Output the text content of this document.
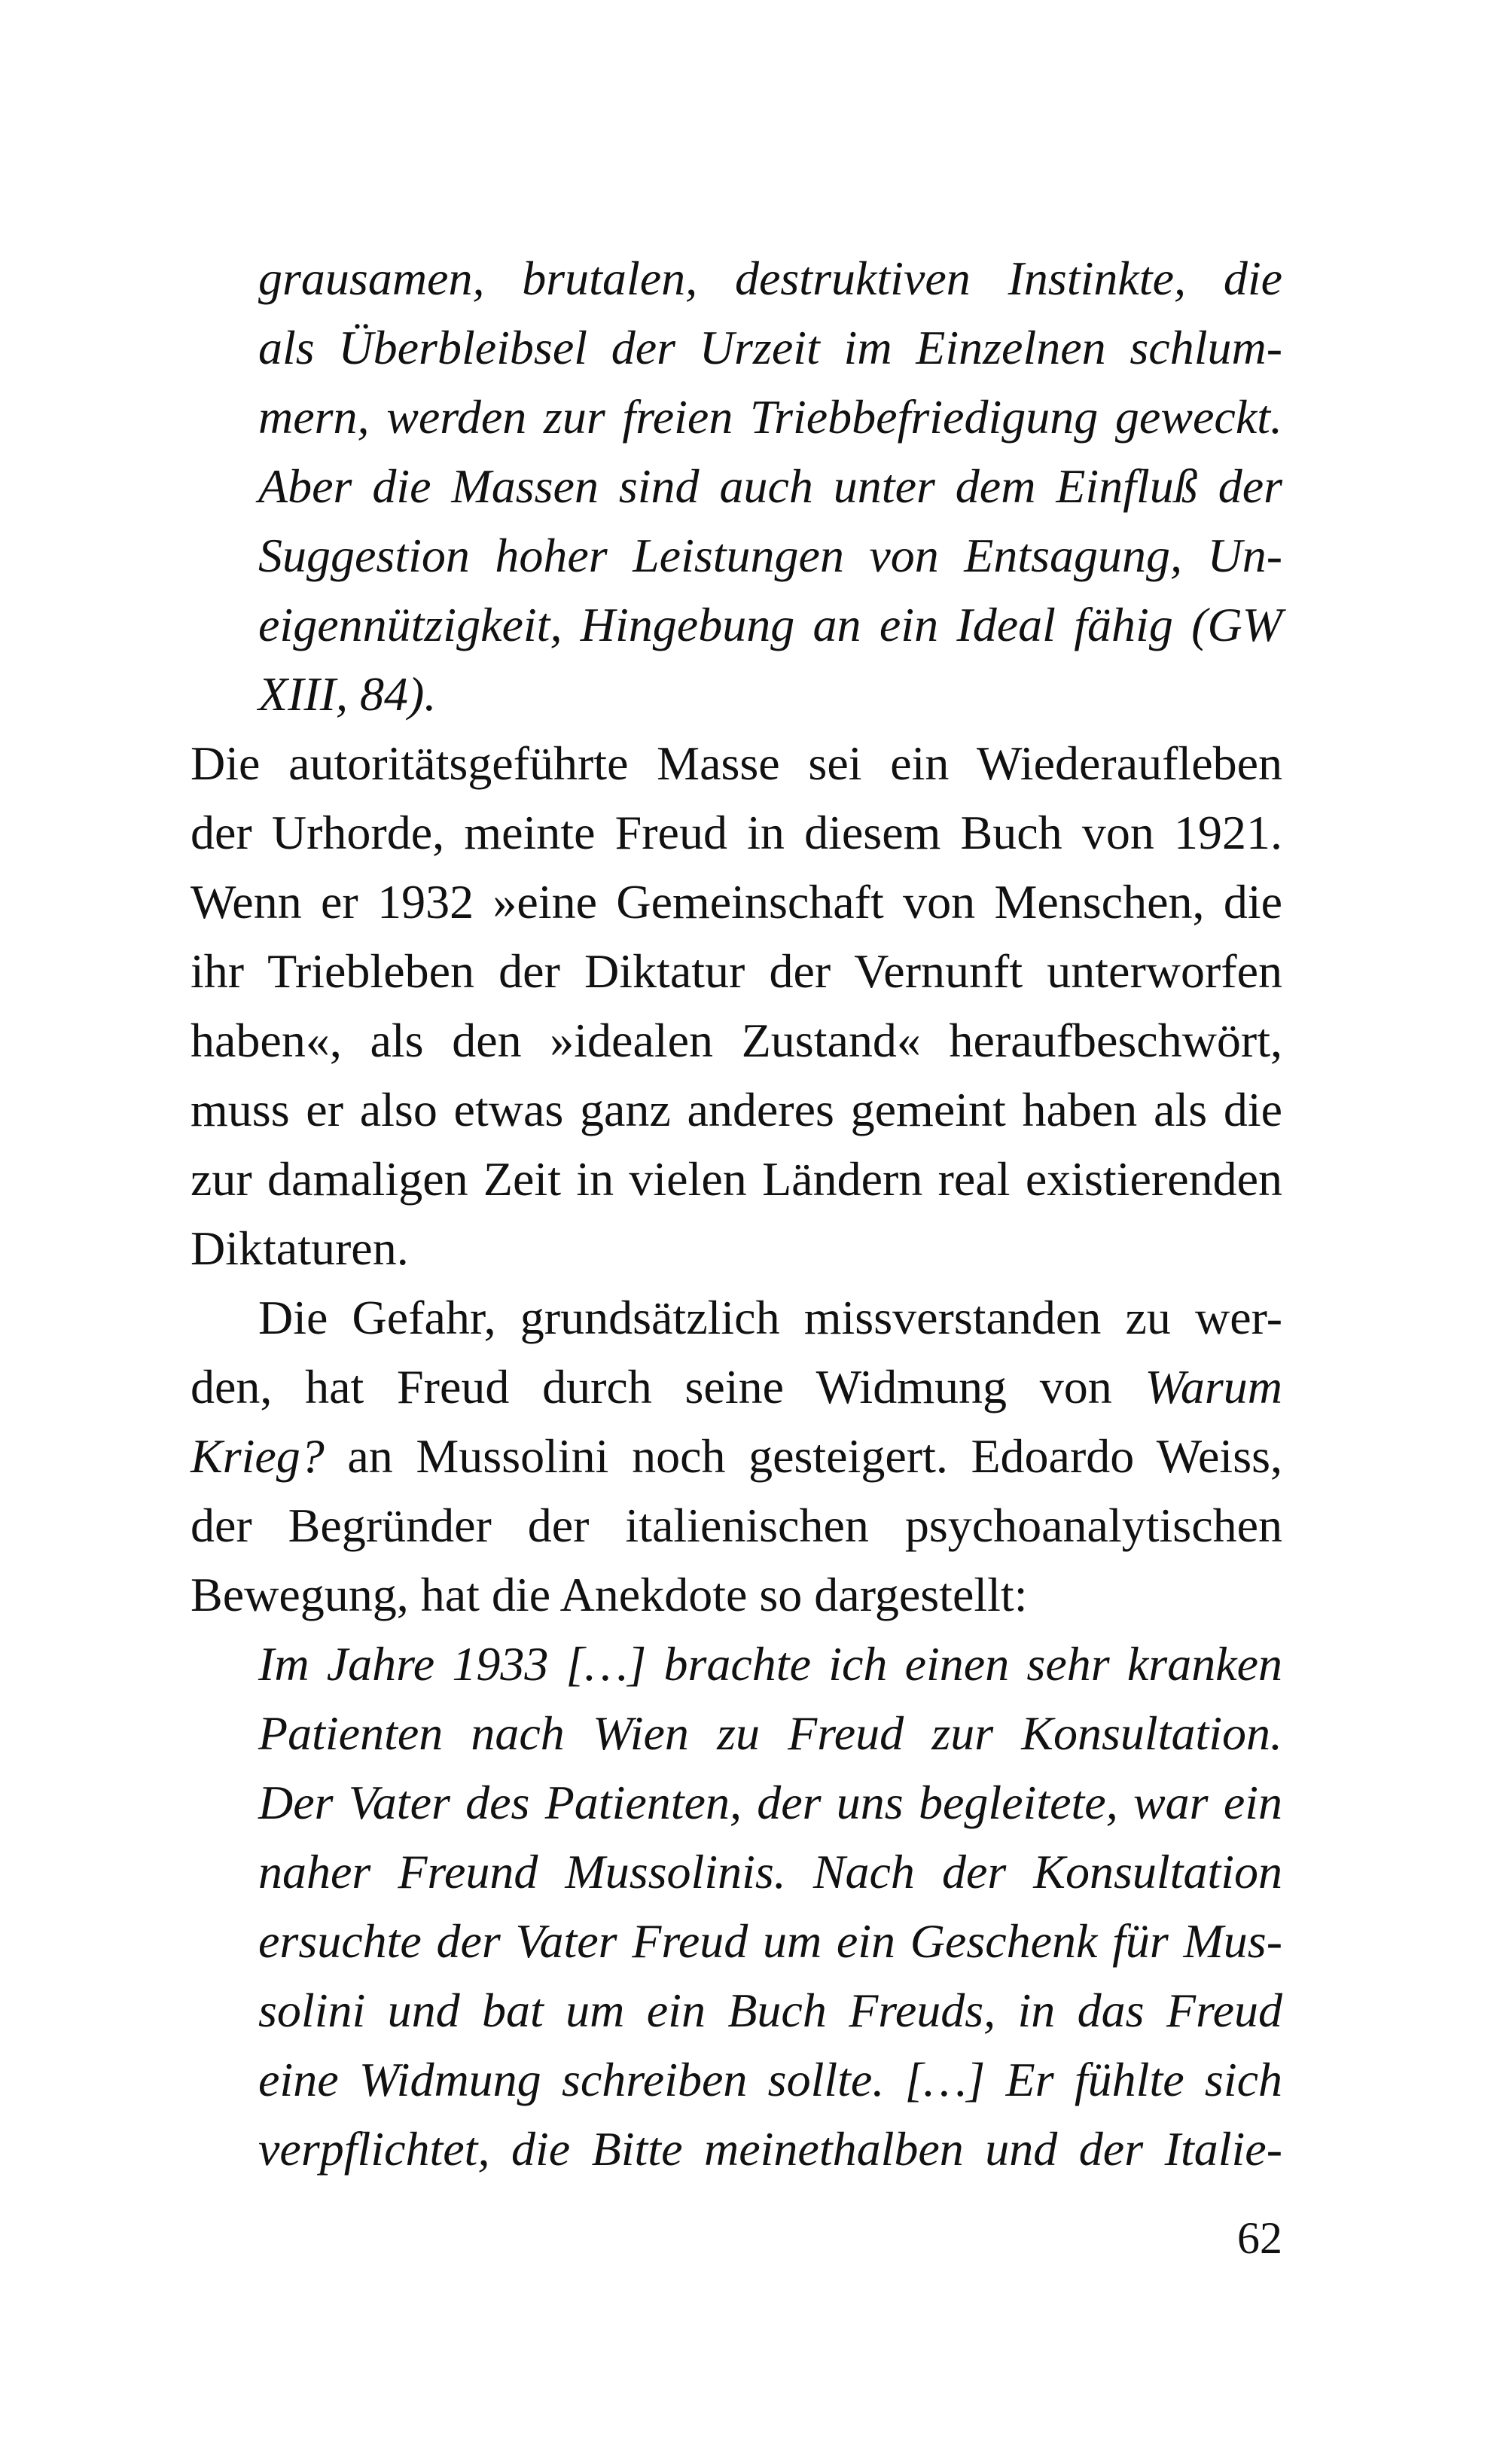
grausamen, brutalen, destruktiven Instinkte, die
als Überbleibsel der Urzeit im Einzelnen schlum-
mern, werden zur freien Triebbefriedigung geweckt.
Aber die Massen sind auch unter dem Einfluß der
Suggestion hoher Leistungen von Entsagung, Un-
eigennützigkeit, Hingebung an ein Ideal fähig (GW
XIII, 84).
Die autoritätsgeführte Masse sei ein Wiederaufleben
der Urhorde, meinte Freud in diesem Buch von 1921.
Wenn er 1932 »eine Gemeinschaft von Menschen, die
ihr Triebleben der Diktatur der Vernunft unterworfen
haben«, als den »idealen Zustand« heraufbeschwört,
muss er also etwas ganz anderes gemeint haben als die
zur damaligen Zeit in vielen Ländern real existierenden
Diktaturen.
Die Gefahr, grundsätzlich missverstanden zu wer-
den, hat Freud durch seine Widmung von Warum
Krieg? an Mussolini noch gesteigert. Edoardo Weiss,
der Begründer der italienischen psychoanalytischen
Bewegung, hat die Anekdote so dargestellt:
Im Jahre 1933 […] brachte ich einen sehr kranken
Patienten nach Wien zu Freud zur Konsultation.
Der Vater des Patienten, der uns begleitete, war ein
naher Freund Mussolinis. Nach der Konsultation
ersuchte der Vater Freud um ein Geschenk für Mus-
solini und bat um ein Buch Freuds, in das Freud
eine Widmung schreiben sollte. […] Er fühlte sich
verpflichtet, die Bitte meinethalben und der Italie-
62
